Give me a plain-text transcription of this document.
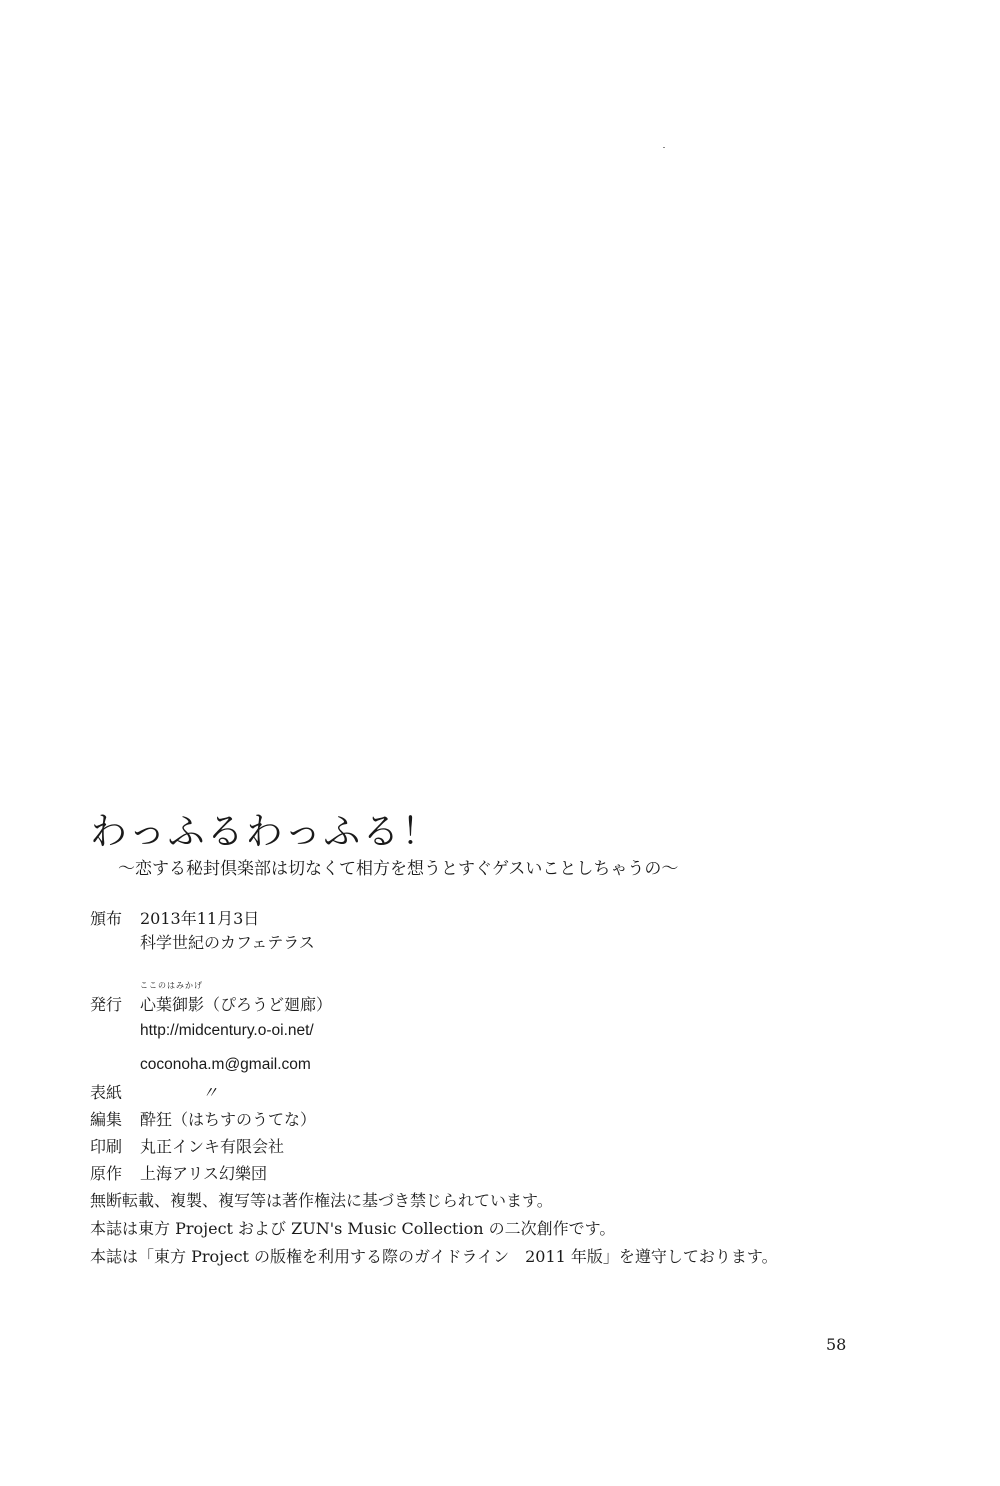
わっふるわっふる！
～恋する秘封倶楽部は切なくて相方を想うとすぐゲスいことしちゃうの～
頒布	2013年11月3日
科学世紀のカフェテラス
ここのはみかげ
発行	心葉御影（ぴろうど廻廊）
http://midcentury.o-oi.net/
coconoha.m@gmail.com
表紙	〃
編集	酔狂（はちすのうてな）
印刷	丸正インキ有限会社
原作	上海アリス幻樂団
無断転載、複製、複写等は著作権法に基づき禁じられています。
本誌は東方 Project および ZUN's Music Collection の二次創作です。
本誌は「東方 Project の版権を利用する際のガイドライン　2011 年版」を遵守しております。
58
